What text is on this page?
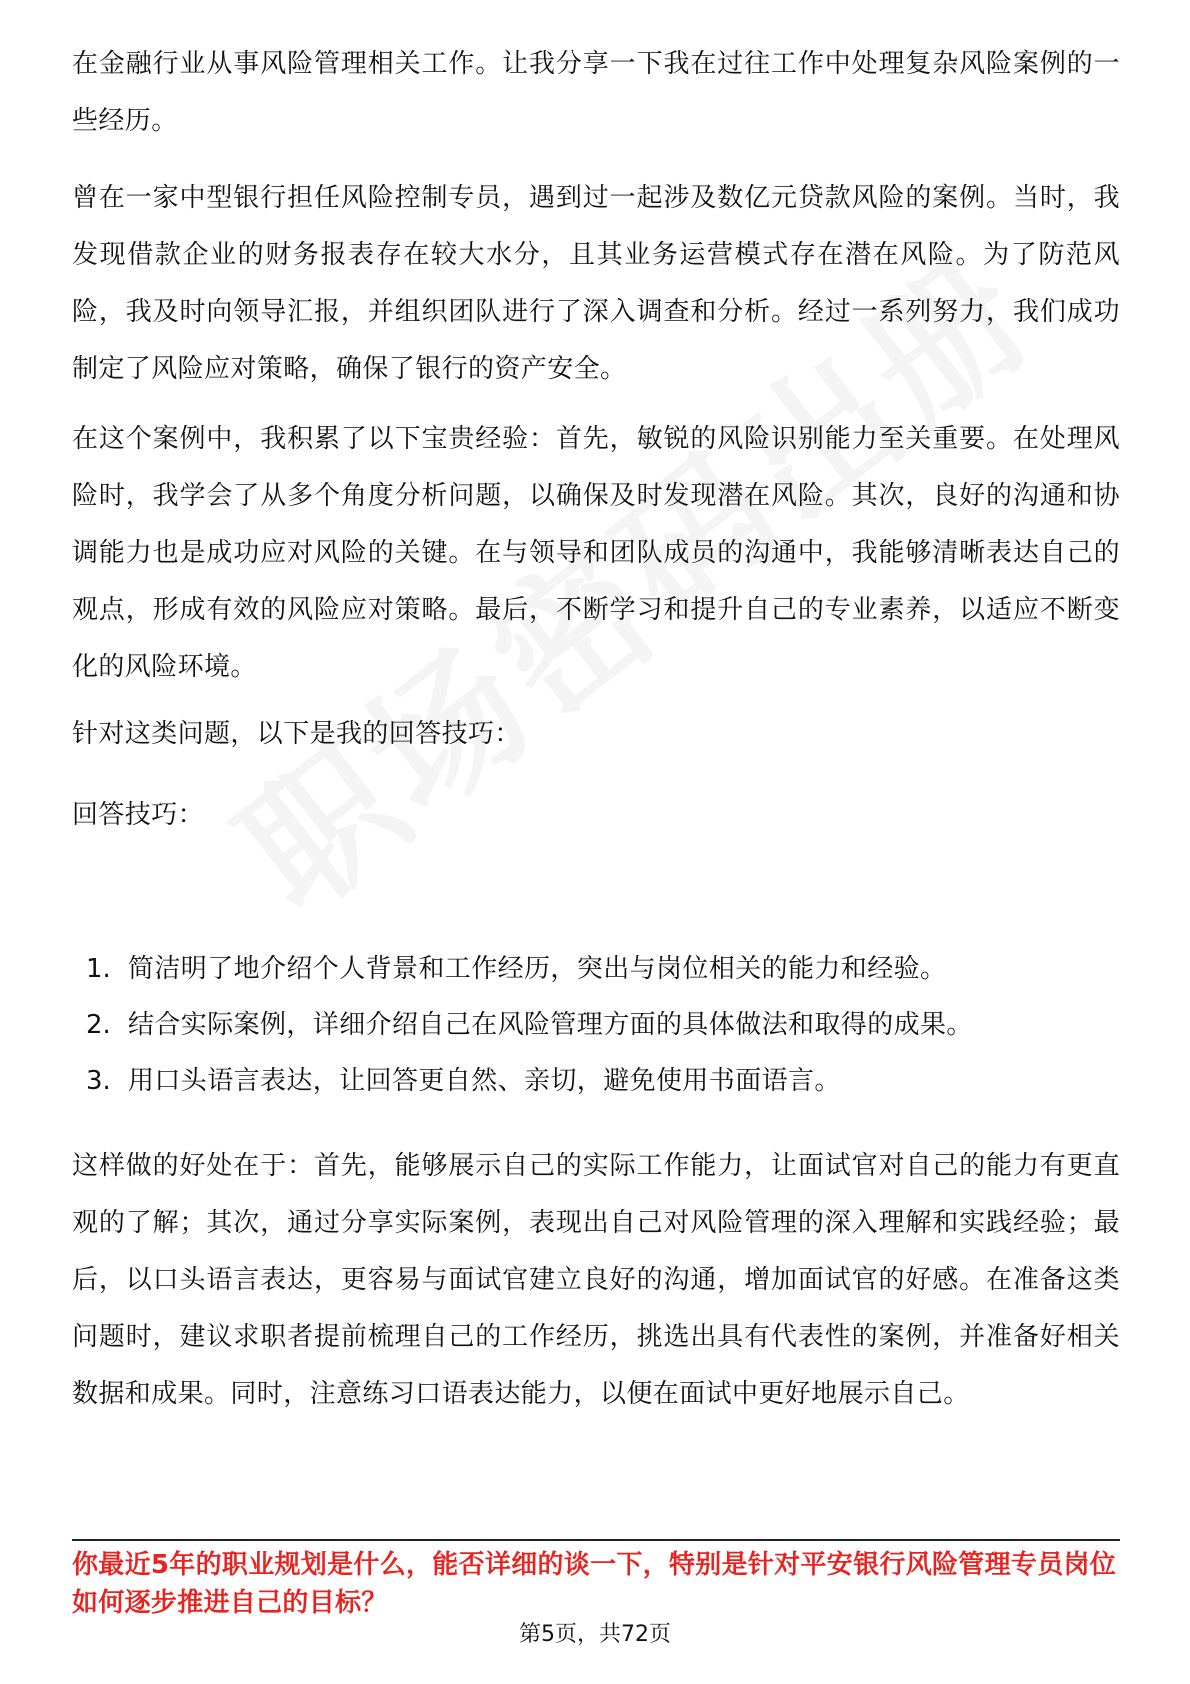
在金融行业从事风险管理相关工作。让我分享一下我在过往工作中处理复杂风险案例的一些经历。

曾在一家中型银行担任风险控制专员，遇到过一起涉及数亿元贷款风险的案例。当时，我发现借款企业的财务报表存在较大水分，且其业务运营模式存在潜在风险。为了防范风险，我及时向领导汇报，并组织团队进行了深入调查和分析。经过一系列努力，我们成功制定了风险应对策略，确保了银行的资产安全。

在这个案例中，我积累了以下宝贵经验：首先，敏锐的风险识别能力至关重要。在处理风险时，我学会了从多个角度分析问题，以确保及时发现潜在风险。其次，良好的沟通和协调能力也是成功应对风险的关键。在与领导和团队成员的沟通中，我能够清晰表达自己的观点，形成有效的风险应对策略。最后，不断学习和提升自己的专业素养，以适应不断变化的风险环境。

针对这类问题，以下是我的回答技巧：

回答技巧：

1. 简洁明了地介绍个人背景和工作经历，突出与岗位相关的能力和经验。
2. 结合实际案例，详细介绍自己在风险管理方面的具体做法和取得的成果。
3. 用口头语言表达，让回答更自然、亲切，避免使用书面语言。

这样做的好处在于：首先，能够展示自己的实际工作能力，让面试官对自己的能力有更直观的了解；其次，通过分享实际案例，表现出自己对风险管理的深入理解和实践经验；最后，以口头语言表达，更容易与面试官建立良好的沟通，增加面试官的好感。在准备这类问题时，建议求职者提前梳理自己的工作经历，挑选出具有代表性的案例，并准备好相关数据和成果。同时，注意练习口语表达能力，以便在面试中更好地展示自己。

你最近5年的职业规划是什么，能否详细的谈一下，特别是针对平安银行风险管理专员岗位如何逐步推进自己的目标？

第5页，共72页
